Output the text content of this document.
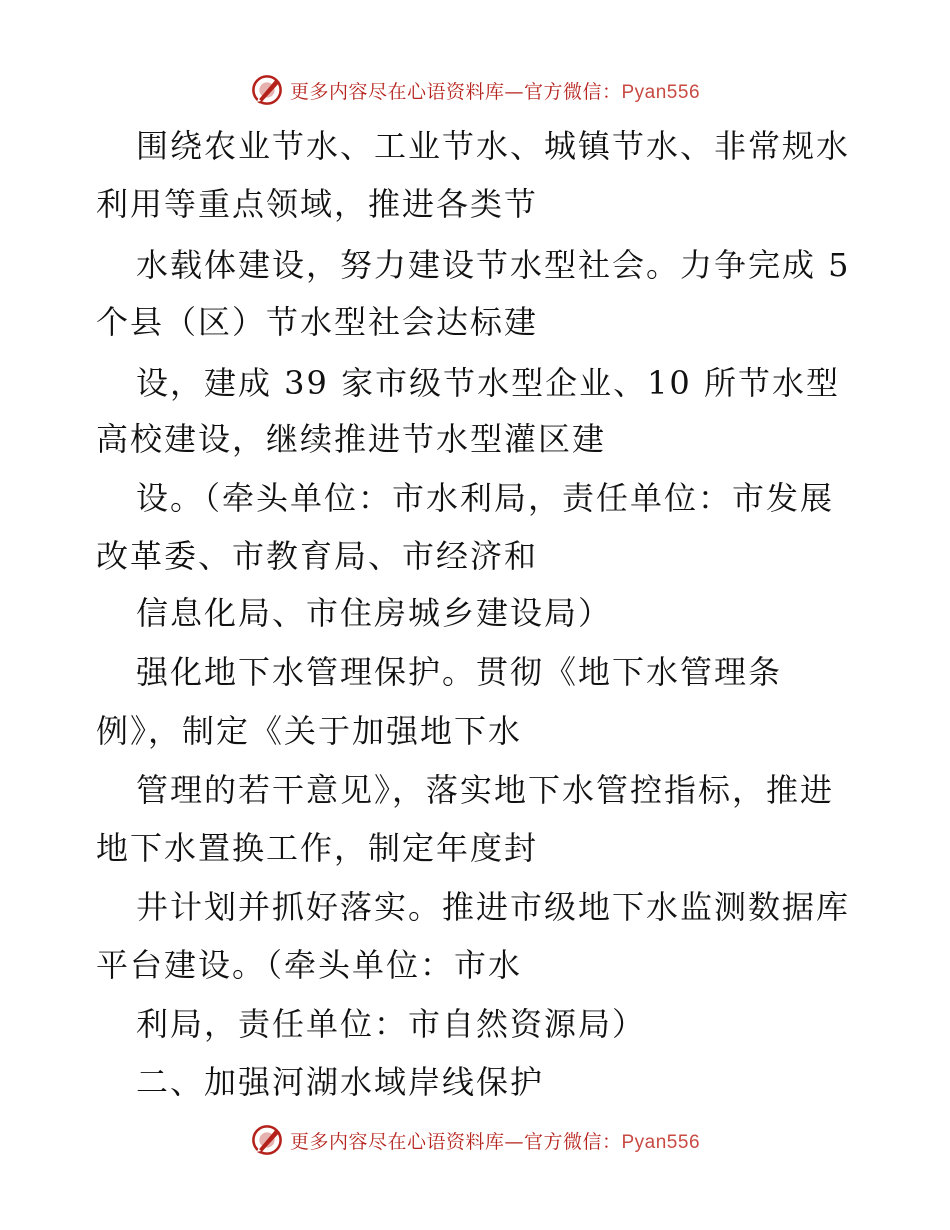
更多内容尽在心语资料库—官方微信：Pyan556
围绕农业节水、工业节水、城镇节水、非常规水
利用等重点领域，推进各类节
水载体建设，努力建设节水型社会。力争完成 5
个县（区）节水型社会达标建
设，建成 39 家市级节水型企业、10 所节水型
高校建设，继续推进节水型灌区建
设。（牵头单位：市水利局，责任单位：市发展
改革委、市教育局、市经济和
信息化局、市住房城乡建设局）
强化地下水管理保护。贯彻《地下水管理条
例》，制定《关于加强地下水
管理的若干意见》，落实地下水管控指标，推进
地下水置换工作，制定年度封
井计划并抓好落实。推进市级地下水监测数据库
平台建设。（牵头单位：市水
利局，责任单位：市自然资源局）
二、加强河湖水域岸线保护
更多内容尽在心语资料库—官方微信：Pyan556
